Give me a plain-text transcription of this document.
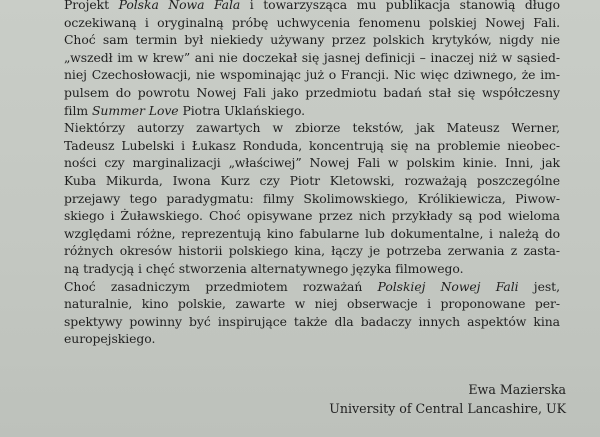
Projekt Polska Nowa Fala i towarzysząca mu publikacja stanowią długo
oczekiwaną i oryginalną próbę uchwycenia fenomenu polskiej Nowej Fali.
Choć sam termin był niekiedy używany przez polskich krytyków, nigdy nie
„wszedł im w krew” ani nie doczekał się jasnej definicji – inaczej niż w sąsied-
niej Czechosłowacji, nie wspominając już o Francji. Nic więc dziwnego, że im-
pulsem do powrotu Nowej Fali jako przedmiotu badań stał się współczesny
film Summer Love Piotra Uklańskiego.

Niektórzy autorzy zawartych w zbiorze tekstów, jak Mateusz Werner,
Tadeusz Lubelski i Łukasz Ronduda, koncentrują się na problemie nieobec-
ności czy marginalizacji „właściwej” Nowej Fali w polskim kinie. Inni, jak
Kuba Mikurda, Iwona Kurz czy Piotr Kletowski, rozważają poszczególne
przejawy tego paradygmatu: filmy Skolimowskiego, Królikiewicza, Piwow-
skiego i Żuławskiego. Choć opisywane przez nich przykłady są pod wieloma
względami różne, reprezentują kino fabularne lub dokumentalne, i należą do
różnych okresów historii polskiego kina, łączy je potrzeba zerwania z zasta-
ną tradycją i chęć stworzenia alternatywnego języka filmowego.

Choć zasadniczym przedmiotem rozważań Polskiej Nowej Fali jest,
naturalnie, kino polskie, zawarte w niej obserwacje i proponowane per-
spektywy powinny być inspirujące także dla badaczy innych aspektów kina
europejskiego.

Ewa Mazierska
University of Central Lancashire, UK
